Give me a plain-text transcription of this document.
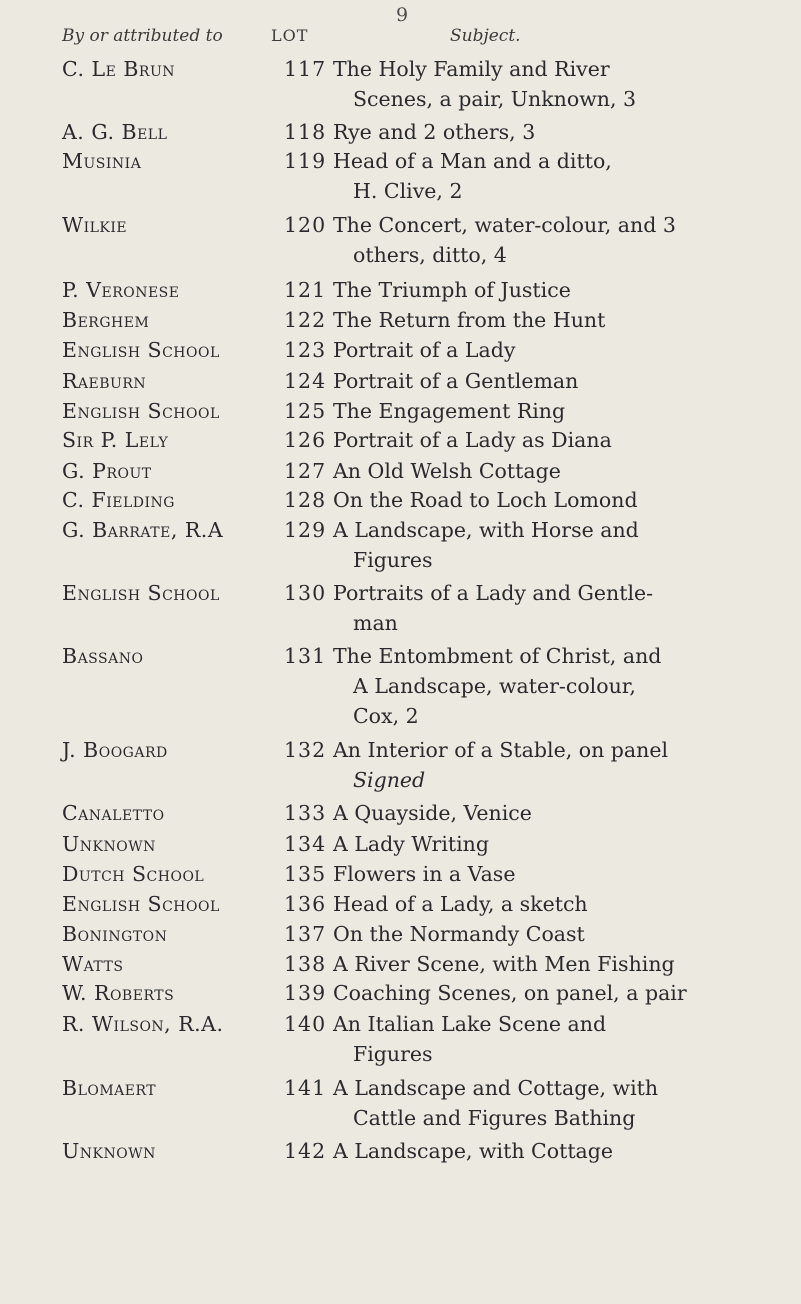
9
By or attributed to	LOT	Subject.
C. Le Brun	117 The Holy Family and River
Scenes, a pair, Unknown, 3
A. G. Bell	118 Rye and 2 others, 3
Musinia	119 Head of a Man and a ditto,
H. Clive, 2
Wilkie	120 The Concert, water-colour, and 3
others, ditto, 4
P. Veronese	121 The Triumph of Justice
Berghem	122 The Return from the Hunt
English School	123 Portrait of a Lady
Raeburn	124 Portrait of a Gentleman
English School	125 The Engagement Ring
Sir P. Lely	126 Portrait of a Lady as Diana
G. Prout	127 An Old Welsh Cottage
C. Fielding	128 On the Road to Loch Lomond
G. Barrate, R.A	129 A Landscape, with Horse and
Figures
English School	130 Portraits of a Lady and Gentle-
man
Bassano	131 The Entombment of Christ, and
A Landscape, water-colour,
Cox, 2
J. Boogard	132 An Interior of a Stable, on panel
Signed
Canaletto	133 A Quayside, Venice
Unknown	134 A Lady Writing
Dutch School	135 Flowers in a Vase
English School	136 Head of a Lady, a sketch
Bonington	137 On the Normandy Coast
Watts	138 A River Scene, with Men Fishing
W. Roberts	139 Coaching Scenes, on panel, a pair
R. Wilson, R.A.	140 An Italian Lake Scene and
Figures
Blomaert	141 A Landscape and Cottage, with
Cattle and Figures Bathing
Unknown	142 A Landscape, with Cottage
